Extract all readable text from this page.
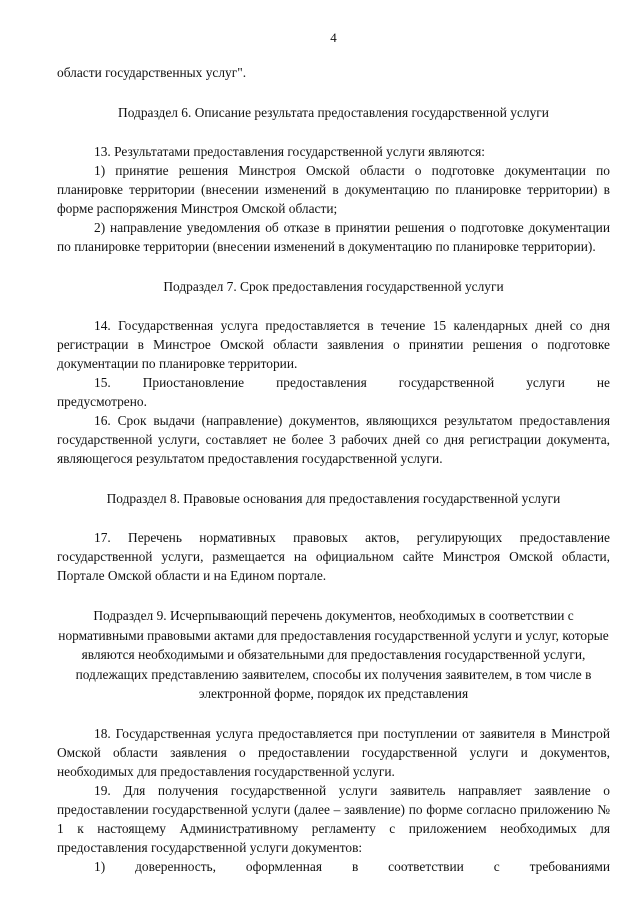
4

области государственных услуг".

Подраздел 6. Описание результата предоставления государственной услуги

13. Результатами предоставления государственной услуги являются:

1) принятие решения Минстроя Омской области о подготовке документации по планировке территории (внесении изменений в документацию по планировке территории) в форме распоряжения Минстроя Омской области;

2) направление уведомления об отказе в принятии решения о подготовке документации по планировке территории (внесении изменений в документацию по планировке территории).

Подраздел 7. Срок предоставления государственной услуги

14. Государственная услуга предоставляется в течение 15 календарных дней со дня регистрации в Минстрое Омской области заявления о принятии решения о подготовке документации по планировке территории.

15. Приостановление предоставления государственной услуги не

предусмотрено.

16. Срок выдачи (направление) документов, являющихся результатом предоставления государственной услуги, составляет не более 3 рабочих дней со дня регистрации документа, являющегося результатом предоставления государственной услуги.

Подраздел 8. Правовые основания для предоставления государственной услуги

17. Перечень нормативных правовых актов, регулирующих предоставление государственной услуги, размещается на официальном сайте Минстроя Омской области, Портале Омской области и на Едином портале.

Подраздел 9. Исчерпывающий перечень документов, необходимых в соответствии с нормативными правовыми актами для предоставления государственной услуги и услуг, которые являются необходимыми и обязательными для предоставления государственной услуги, подлежащих представлению заявителем, способы их получения заявителем, в том числе в электронной форме, порядок их представления

18. Государственная услуга предоставляется при поступлении от заявителя в Минстрой Омской области заявления о предоставлении государственной услуги и документов, необходимых для предоставления государственной услуги.

19. Для получения государственной услуги заявитель направляет заявление о предоставлении государственной услуги (далее – заявление) по форме согласно приложению № 1 к настоящему Административному регламенту с приложением необходимых для предоставления государственной услуги документов:

1) доверенность, оформленная в соответствии с требованиями
